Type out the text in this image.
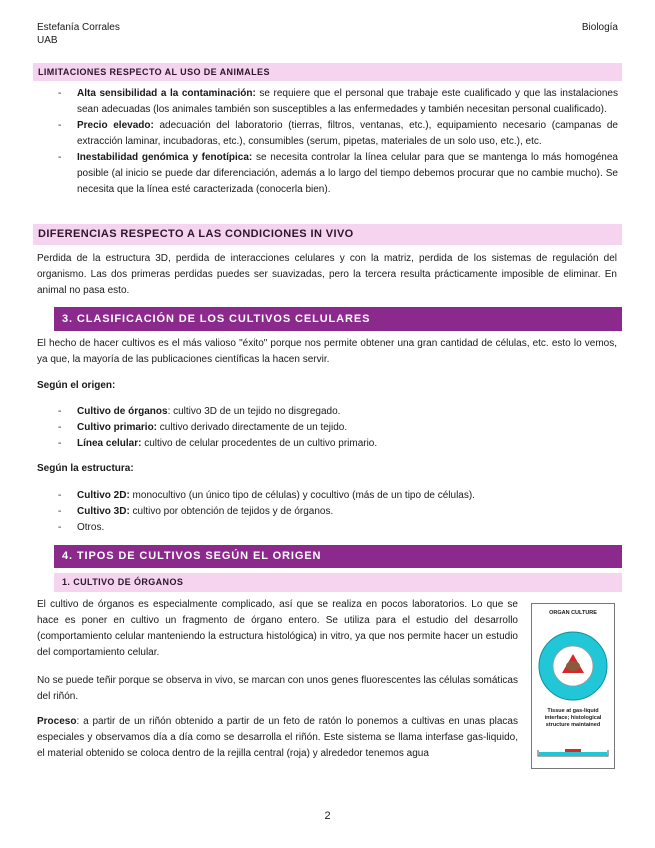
Estefanía Corrales
UAB
Biología
LIMITACIONES RESPECTO AL USO DE ANIMALES
- Alta sensibilidad a la contaminación: se requiere que el personal que trabaje este cualificado y que las instalaciones sean adecuadas (los animales también son susceptibles a las enfermedades y también necesitan personal cualificado).
- Precio elevado: adecuación del laboratorio (tierras, filtros, ventanas, etc.), equipamiento necesario (campanas de extracción laminar, incubadoras, etc.), consumibles (serum, pipetas, materiales de un solo uso, etc.), etc.
- Inestabilidad genómica y fenotípica: se necesita controlar la línea celular para que se mantenga lo más homogénea posible (al inicio se puede dar diferenciación, además a lo largo del tiempo debemos procurar que no cambie mucho). Se necesita que la línea esté caracterizada (conocerla bien).
DIFERENCIAS RESPECTO A LAS CONDICIONES IN VIVO
Perdida de la estructura 3D, perdida de interacciones celulares y con la matriz, perdida de los sistemas de regulación del organismo. Las dos primeras perdidas puedes ser suavizadas, pero la tercera resulta prácticamente imposible de eliminar. En animal no pasa esto.
3. CLASIFICACIÓN DE LOS CULTIVOS CELULARES
El hecho de hacer cultivos es el más valioso "éxito" porque nos permite obtener una gran cantidad de células, etc. esto lo vemos, ya que, la mayoría de las publicaciones científicas la hacen servir.
Según el origen:
- Cultivo de órganos: cultivo 3D de un tejido no disgregado.
- Cultivo primario: cultivo derivado directamente de un tejido.
- Línea celular: cultivo de celular procedentes de un cultivo primario.
Según la estructura:
- Cultivo 2D: monocultivo (un único tipo de células) y cocultivo (más de un tipo de células).
- Cultivo 3D: cultivo por obtención de tejidos y de órganos.
- Otros.
4. TIPOS DE CULTIVOS SEGÚN EL ORIGEN
1. CULTIVO DE ÓRGANOS
El cultivo de órganos es especialmente complicado, así que se realiza en pocos laboratorios. Lo que se hace es poner en cultivo un fragmento de órgano entero. Se utiliza para el estudio del desarrollo (comportamiento celular manteniendo la estructura histológica) in vitro, ya que nos permite hacer un estudio del comportamiento celular.
No se puede teñir porque se observa in vivo, se marcan con unos genes fluorescentes las células somáticas del riñón.
Proceso: a partir de un riñón obtenido a partir de un feto de ratón lo ponemos a cultivas en unas placas especiales y observamos día a día como se desarrolla el riñón. Este sistema se llama interfase gas-liquido, el material obtenido se coloca dentro de la rejilla central (roja) y alrededor tenemos agua
ORGAN CULTURE
Tissue at gas-liquid interface; histological structure maintained
2
